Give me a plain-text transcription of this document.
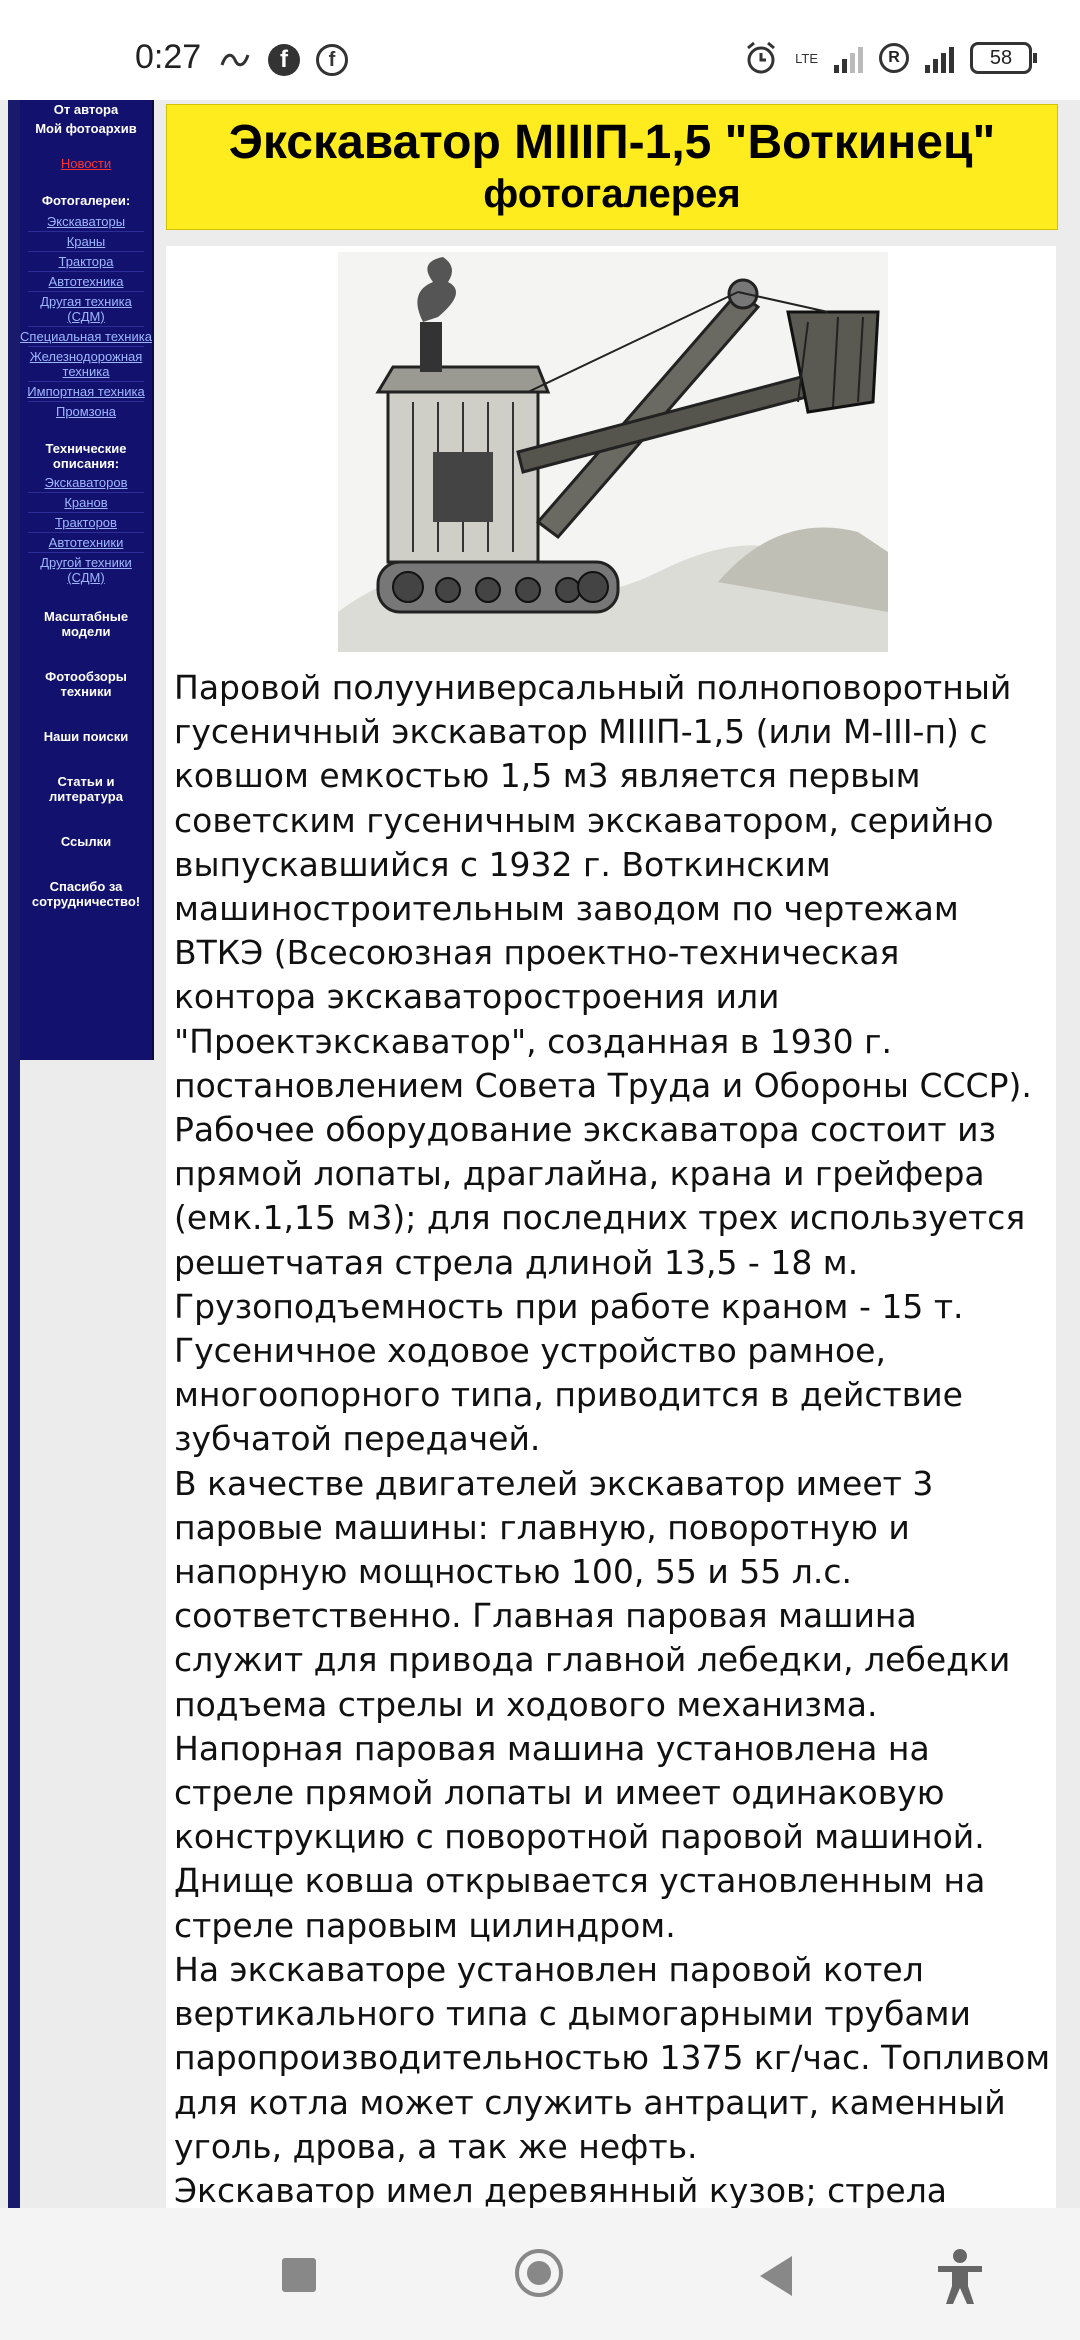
0:27	f	f	LTE	R	58
От автора
Мой фотоархив
Новости
Фотогалереи:
Экскаваторы
Краны
Трактора
Автотехника
Другая техника (СДМ)
Специальная техника
Железнодорожная техника
Импортная техника
Промзона
Технические описания:
Экскаваторов
Кранов
Тракторов
Автотехники
Другой техники (СДМ)
Масштабные модели
Фотообзоры техники
Наши поиски
Статьи и литература
Ссылки
Спасибо за сотрудничество!
Экскаватор МIIIП-1,5 "Воткинец"
фотогалерея

Паровой полууниверсальный полноповоротный гусеничный экскаватор МIIIП-1,5 (или М-III-п) с ковшом емкостью 1,5 м3 является первым советским гусеничным экскаватором, серийно выпускавшийся с 1932 г. Воткинским машиностроительным заводом по чертежам ВТКЭ (Всесоюзная проектно-техническая контора экскаваторостроения или "Проектэкскаватор", созданная в 1930 г. постановлением Совета Труда и Обороны СССР).

Рабочее оборудование экскаватора состоит из прямой лопаты, драглайна, крана и грейфера (емк.1,15 м3); для последних трех используется решетчатая стрела длиной 13,5 - 18 м. Грузоподъемность при работе краном - 15 т. Гусеничное ходовое устройство рамное, многоопорного типа, приводится в действие зубчатой передачей.

В качестве двигателей экскаватор имеет 3 паровые машины: главную, поворотную и напорную мощностью 100, 55 и 55 л.с. соответственно. Главная паровая машина служит для привода главной лебедки, лебедки подъема стрелы и ходового механизма. Напорная паровая машина установлена на стреле прямой лопаты и имеет одинаковую конструкцию с поворотной паровой машиной. Днище ковша открывается установленным на стреле паровым цилиндром.

На экскаваторе установлен паровой котел вертикального типа с дымогарными трубами паропроизводительностью 1375 кг/час. Топливом для котла может служить антрацит, каменный уголь, дрова, а так же нефть.

Экскаватор имел деревянный кузов; стрела
